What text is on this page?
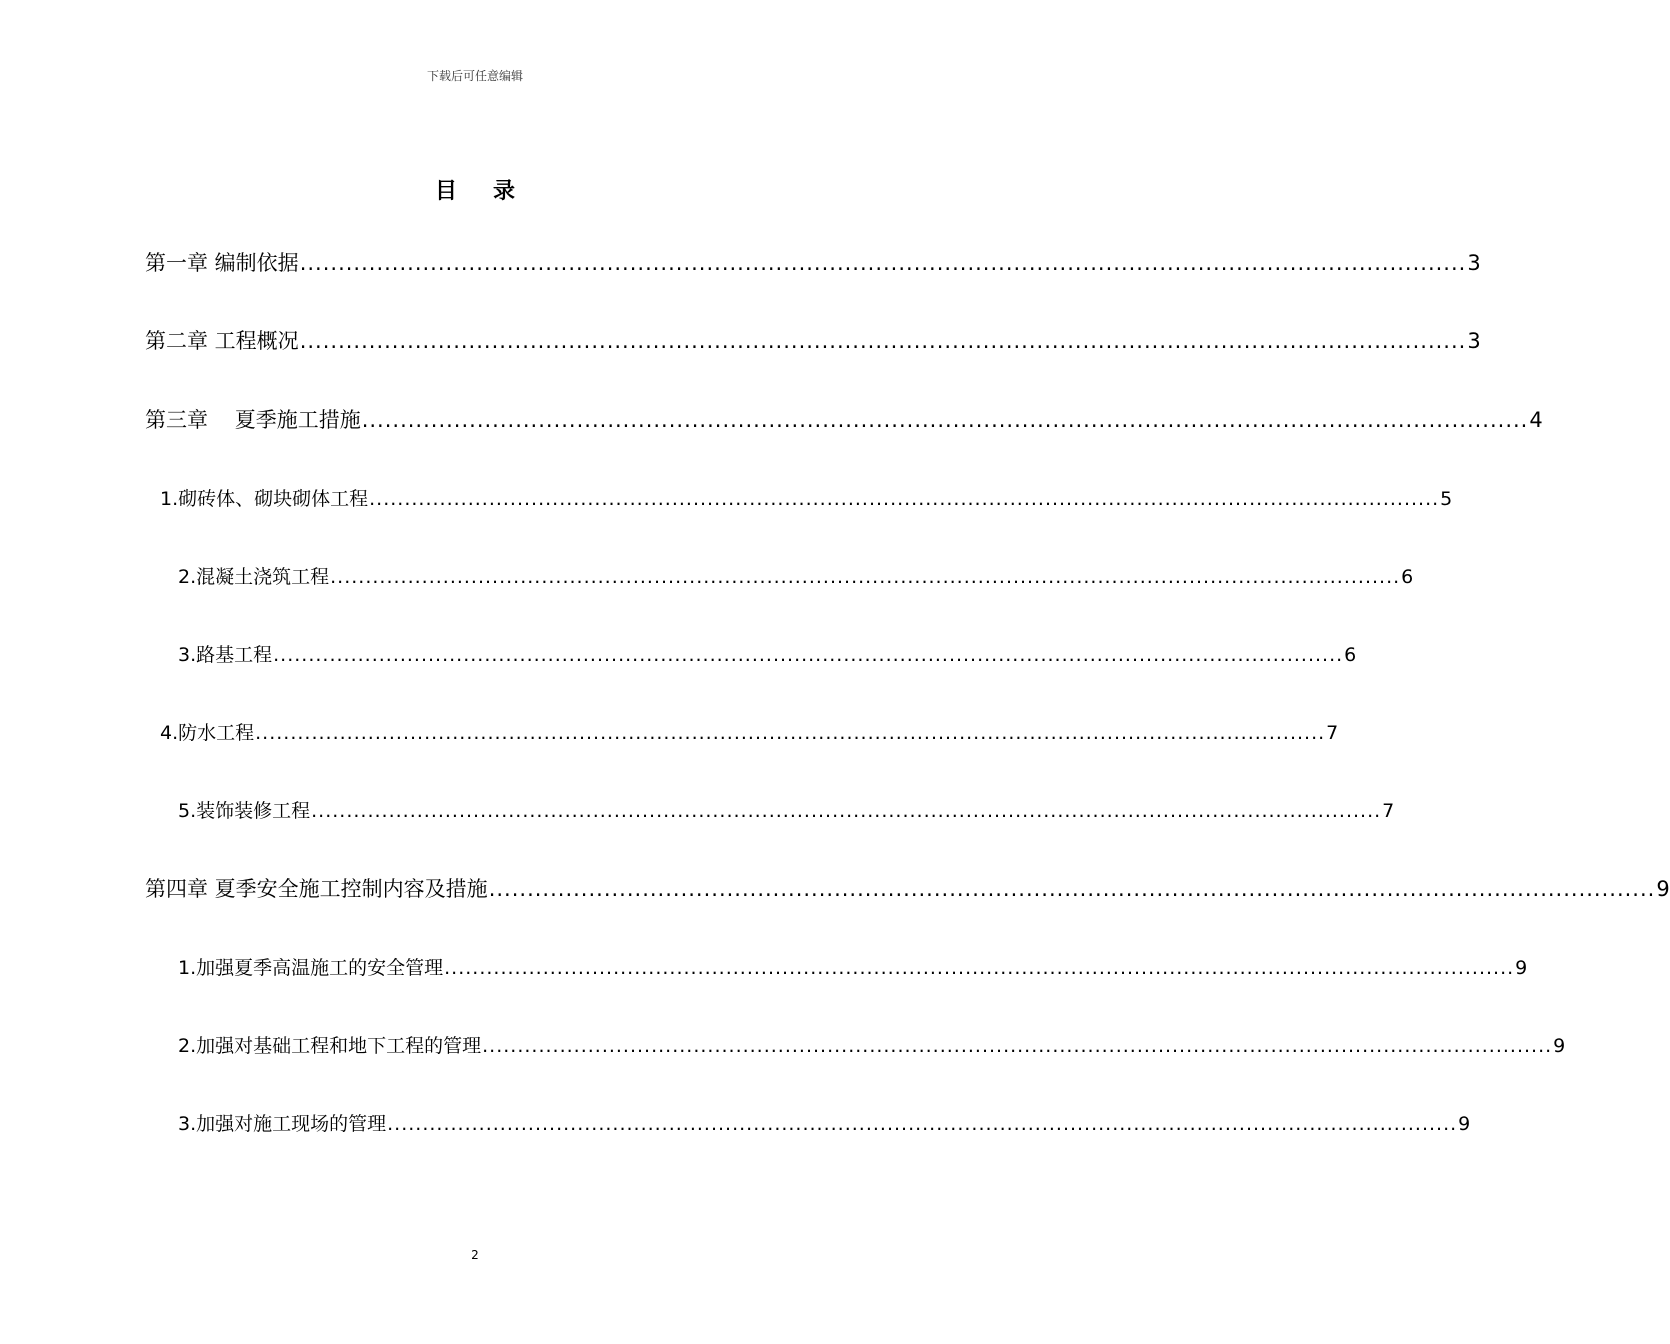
下载后可任意编辑
目录
第一章 编制依据 ........................................................................................................................................................ 3
第二章 工程概况 ........................................................................................................................................................ 3
第三章    夏季施工措施 ........................................................................................................................................................ 4
1.砌砖体、砌块砌体工程 ........................................................................................................................................................ 5
2.混凝土浇筑工程 ........................................................................................................................................................ 6
3.路基工程 ........................................................................................................................................................ 6
4.防水工程 ........................................................................................................................................................ 7
5.装饰装修工程 ........................................................................................................................................................ 7
第四章 夏季安全施工控制内容及措施 ........................................................................................................................................................ 9
1.加强夏季高温施工的安全管理 ........................................................................................................................................................ 9
2.加强对基础工程和地下工程的管理 ........................................................................................................................................................ 9
3.加强对施工现场的管理 ........................................................................................................................................................ 9
2
